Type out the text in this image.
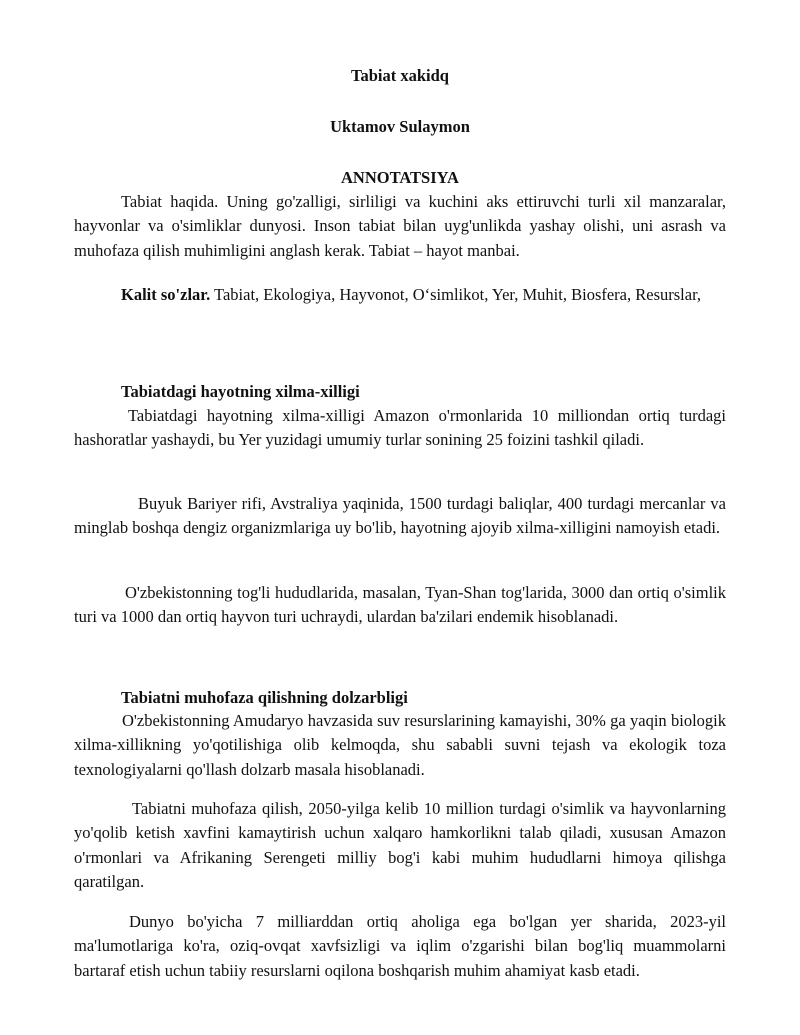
Tabiat xakidq
Uktamov Sulaymon
ANNOTATSIYA

Tabiat haqida. Uning go'zalligi, sirliligi va kuchini aks ettiruvchi turli xil manzaralar, hayvonlar va o'simliklar dunyosi. Inson tabiat bilan uyg'unlikda yashay olishi, uni asrash va muhofaza qilish muhimligini anglash kerak. Tabiat – hayot manbai.

Kalit so'zlar. Tabiat, Ekologiya, Hayvonot, O‘simlikot, Yer, Muhit, Biosfera, Resurslar,

Tabiatdagi hayotning xilma-xilligi

Tabiatdagi hayotning xilma-xilligi Amazon o'rmonlarida 10 milliondan ortiq turdagi hashoratlar yashaydi, bu Yer yuzidagi umumiy turlar sonining 25 foizini tashkil qiladi.

Buyuk Bariyer rifi, Avstraliya yaqinida, 1500 turdagi baliqlar, 400 turdagi mercanlar va minglab boshqa dengiz organizmlariga uy bo'lib, hayotning ajoyib xilma-xilligini namoyish etadi.

O'zbekistonning tog'li hududlarida, masalan, Tyan-Shan tog'larida, 3000 dan ortiq o'simlik turi va 1000 dan ortiq hayvon turi uchraydi, ulardan ba'zilari endemik hisoblanadi.

Tabiatni muhofaza qilishning dolzarbligi

O'zbekistonning Amudaryo havzasida suv resurslarining kamayishi, 30% ga yaqin biologik xilma-xillikning yo'qotilishiga olib kelmoqda, shu sababli suvni tejash va ekologik toza texnologiyalarni qo'llash dolzarb masala hisoblanadi.

Tabiatni muhofaza qilish, 2050-yilga kelib 10 million turdagi o'simlik va hayvonlarning yo'qolib ketish xavfini kamaytirish uchun xalqaro hamkorlikni talab qiladi, xususan Amazon o'rmonlari va Afrikaning Serengeti milliy bog'i kabi muhim hududlarni himoya qilishga qaratilgan.

Dunyo bo'yicha 7 milliarddan ortiq aholiga ega bo'lgan yer sharida, 2023-yil ma'lumotlariga ko'ra, oziq-ovqat xavfsizligi va iqlim o'zgarishi bilan bog'liq muammolarni bartaraf etish uchun tabiiy resurslarni oqilona boshqarish muhim ahamiyat kasb etadi.
